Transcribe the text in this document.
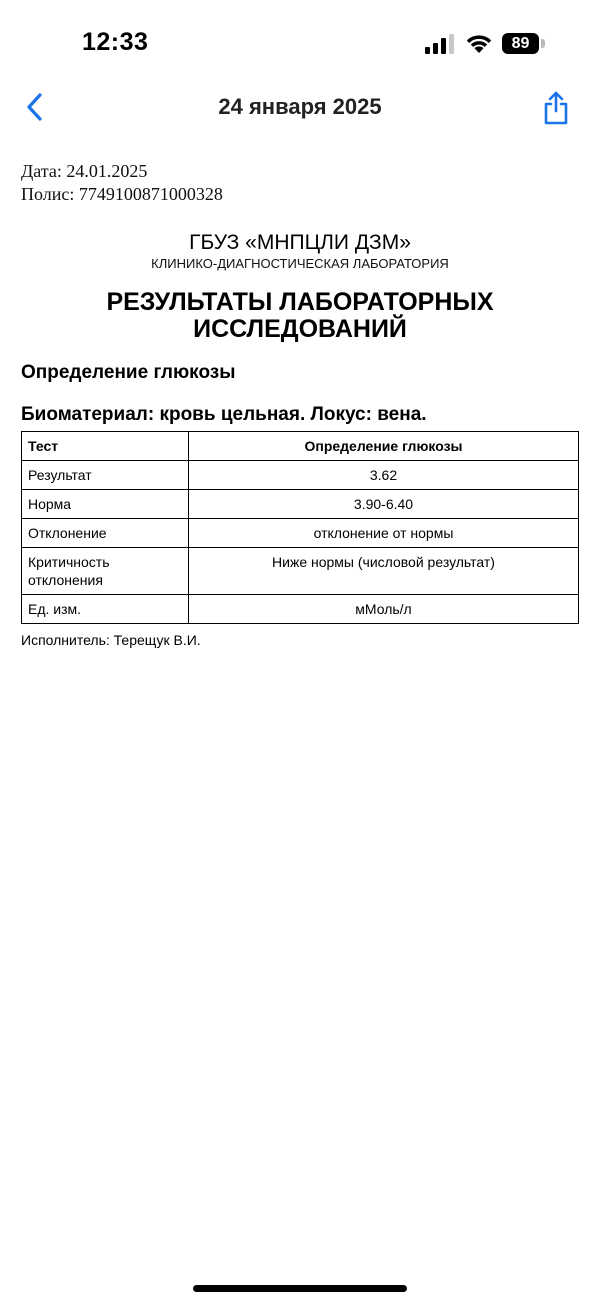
12:33	89
24 января 2025
Дата: 24.01.2025
Полис: 7749100871000328
ГБУЗ «МНПЦЛИ ДЗМ»
КЛИНИКО-ДИАГНОСТИЧЕСКАЯ ЛАБОРАТОРИЯ
РЕЗУЛЬТАТЫ ЛАБОРАТОРНЫХ
ИССЛЕДОВАНИЙ
Определение глюкозы
Биоматериал: кровь цельная. Локус: вена.
Тест	Определение глюкозы
Результат	3.62
Норма	3.90-6.40
Отклонение	отклонение от нормы
Критичность отклонения	Ниже нормы (числовой результат)
Ед. изм.	мМоль/л
Исполнитель: Терещук В.И.
